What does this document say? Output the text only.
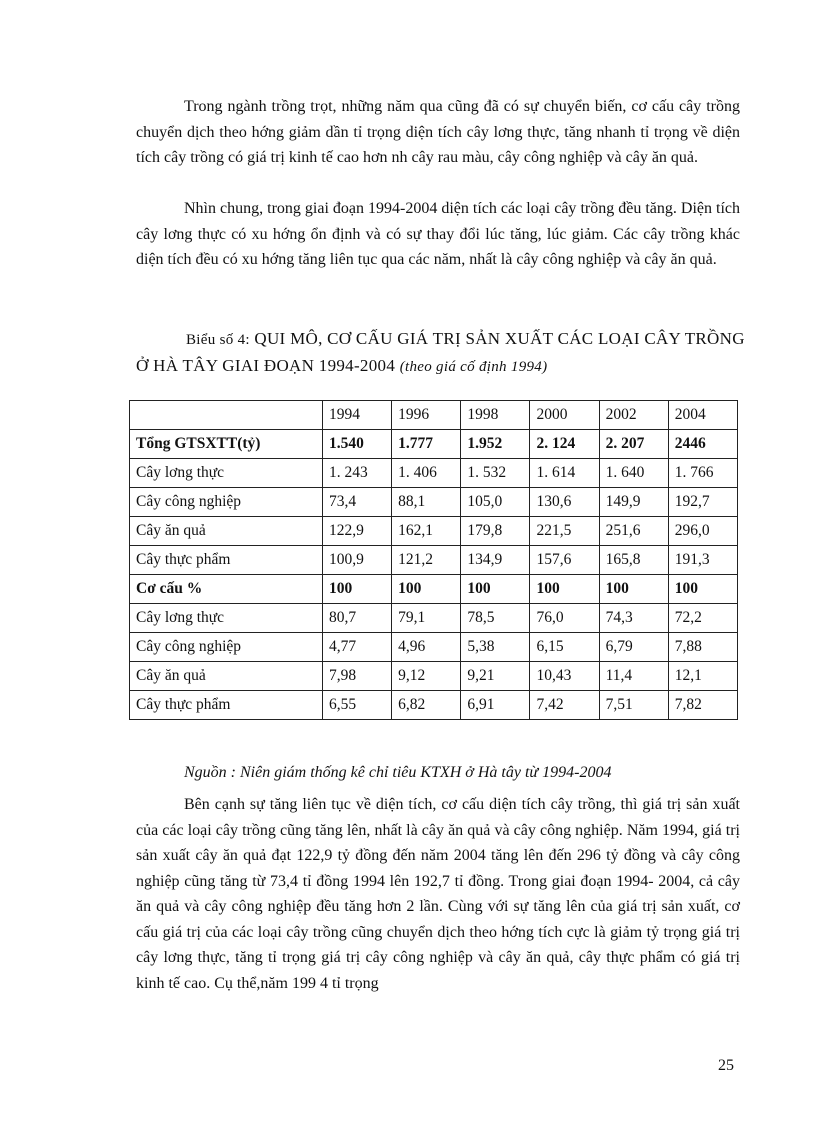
Trong ngành trồng trọt, những năm qua cũng đã có sự chuyển biến, cơ cấu cây trồng chuyển dịch theo hớng giảm dần tỉ trọng diện tích cây lơng thực, tăng nhanh tỉ trọng về diện tích cây trồng có giá trị kinh tế cao hơn nh cây rau màu, cây công nghiệp và cây ăn quả.

Nhìn chung, trong giai đoạn 1994-2004 diện tích các loại cây trồng đều tăng. Diện tích cây lơng thực có xu hớng ổn định và có sự thay đổi lúc tăng, lúc giảm. Các cây trồng khác diện tích đều có xu hớng tăng liên tục qua các năm, nhất là cây công nghiệp và cây ăn quả.

Biểu số 4: QUI MÔ, CƠ CẤU GIÁ TRỊ SẢN XUẤT CÁC LOẠI CÂY TRỒNG Ở HÀ TÂY GIAI ĐOẠN 1994-2004 (theo giá cố định 1994)

	1994	1996	1998	2000	2002	2004
Tổng GTSXTT(tỷ)	1.540	1.777	1.952	2. 124	2. 207	2446
Cây lơng thực	1. 243	1. 406	1. 532	1. 614	1. 640	1. 766
Cây công nghiệp	73,4	88,1	105,0	130,6	149,9	192,7
Cây ăn quả	122,9	162,1	179,8	221,5	251,6	296,0
Cây thực phẩm	100,9	121,2	134,9	157,6	165,8	191,3
Cơ cấu %	100	100	100	100	100	100
Cây lơng thực	80,7	79,1	78,5	76,0	74,3	72,2
Cây công nghiệp	4,77	4,96	5,38	6,15	6,79	7,88
Cây ăn quả	7,98	9,12	9,21	10,43	11,4	12,1
Cây thực phẩm	6,55	6,82	6,91	7,42	7,51	7,82

Nguồn : Niên giám thống kê chỉ tiêu KTXH ở Hà tây từ 1994-2004

Bên cạnh sự tăng liên tục về diện tích, cơ cấu diện tích cây trồng, thì giá trị sản xuất của các loại cây trồng cũng tăng lên, nhất là cây ăn quả và cây công nghiệp. Năm 1994, giá trị sản xuất cây ăn quả đạt 122,9 tỷ đồng đến năm 2004 tăng lên đến 296 tỷ đồng và cây công nghiệp cũng tăng từ 73,4 tỉ đồng 1994 lên 192,7 tỉ đồng. Trong giai đoạn 1994- 2004, cả cây ăn quả và cây công nghiệp đều tăng hơn 2 lần. Cùng với sự tăng lên của giá trị sản xuất, cơ cấu giá trị của các loại cây trồng cũng chuyển dịch theo hớng tích cực là giảm tỷ trọng giá trị cây lơng thực, tăng tỉ trọng giá trị cây công nghiệp và cây ăn quả, cây thực phẩm có giá trị kinh tế cao. Cụ thể,năm 199 4 tỉ trọng

25
